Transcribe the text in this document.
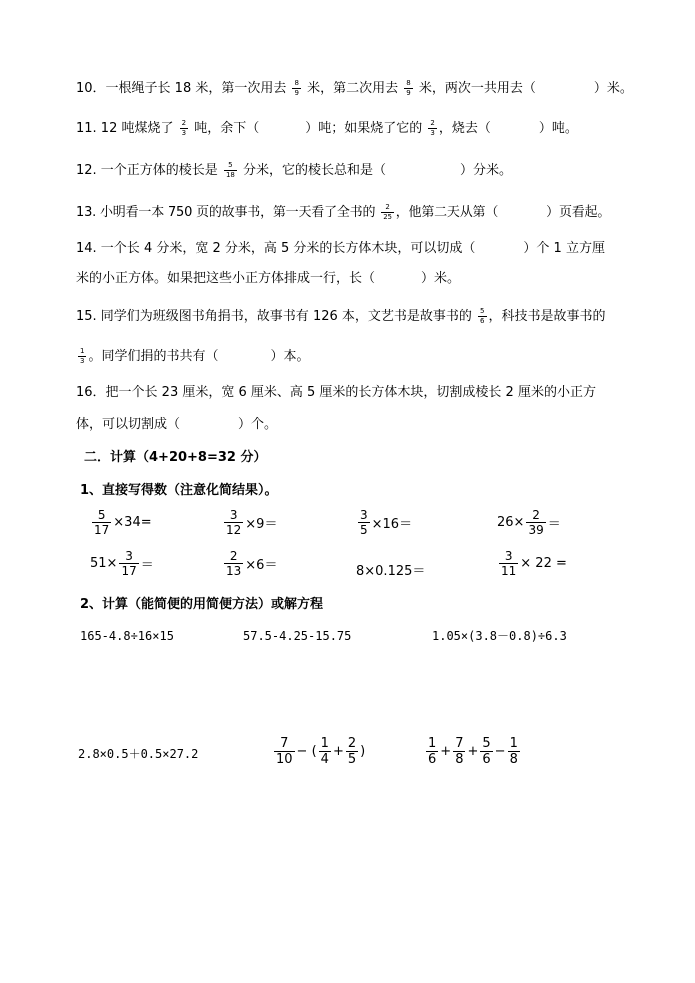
10．一根绳子长 18 米，第一次用去 $\frac{8}{9}$ 米，第二次用去 $\frac{8}{9}$ 米，两次一共用去（	）米。
11. 12 吨煤烧了 $\frac{2}{3}$ 吨，余下（	）吨；如果烧了它的 $\frac{2}{3}$ ，烧去（	）吨。
12. 一个正方体的棱长是 $\frac{5}{18}$ 分米，它的棱长总和是（	）分米。
13. 小明看一本 750 页的故事书，第一天看了全书的 $\frac{2}{25}$ ，他第二天从第（	）页看起。
14. 一个长 4 分米，宽 2 分米，高 5 分米的长方体木块，可以切成（	）个 1 立方厘
米的小正方体。如果把这些小正方体排成一行，长（	）米。
15. 同学们为班级图书角捐书，故事书有 126 本，文艺书是故事书的 $\frac{5}{6}$ ，科技书是故事书的
$\frac{1}{3}$ 。同学们捐的书共有（	）本。
16．把一个长 23 厘米，宽 6 厘米、高 5 厘米的长方体木块，切割成棱长 2 厘米的小正方
体，可以切割成（	）个。
二．计算（4+20+8=32 分）
1、直接写得数（注意化简结果）。
$\frac{5}{17} \times 34=$	$\frac{3}{12} \times 9=$	$\frac{3}{5} \times 16=$	$26\times \frac{2}{39}$ ＝
$51\times \frac{3}{17}$ ＝	$\frac{2}{13} \times 6=$	8×0.125＝	$\frac{3}{11} \times 22$ =
2、计算（能简便的用简便方法）或解方程
165-4.8÷16×15	57.5-4.25-15.75	1.05×(3.8－0.8)÷6.3
2.8×0.5＋0.5×27.2	$\frac{7}{10}$ − ( $\frac{1}{4} + \frac{2}{5}$ )	$\frac{1}{6} + \frac{7}{8} + \frac{5}{6} - \frac{1}{8}$
